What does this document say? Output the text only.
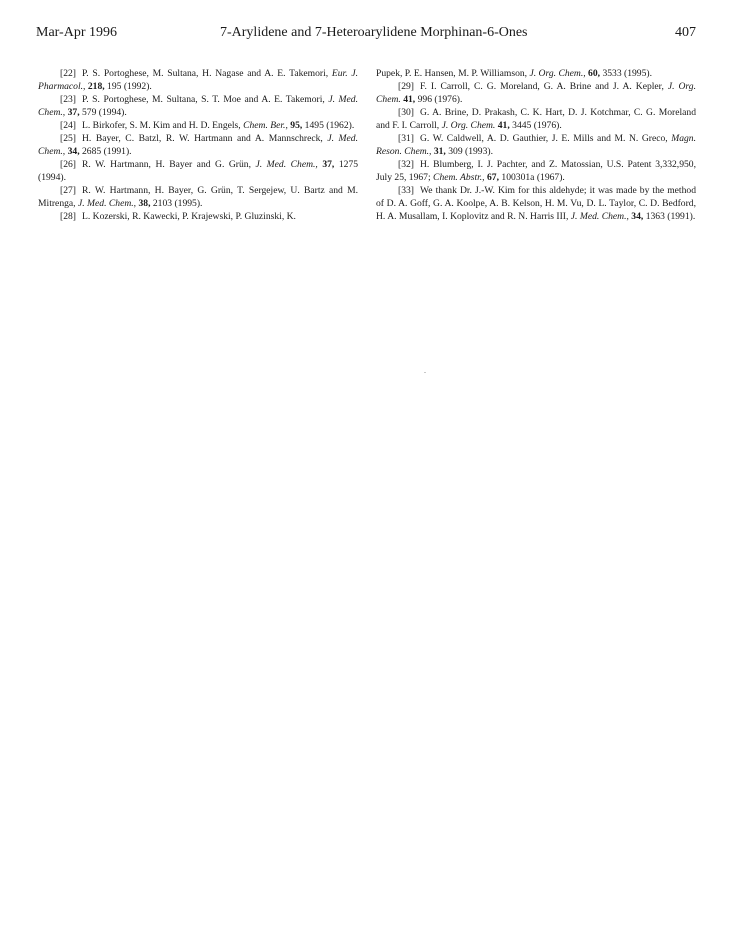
Mar-Apr 1996	7-Arylidene and 7-Heteroarylidene Morphinan-6-Ones	407

[22] P. S. Portoghese, M. Sultana, H. Nagase and A. E. Takemori, Eur. J. Pharmacol., 218, 195 (1992).

[23] P. S. Portoghese, M. Sultana, S. T. Moe and A. E. Takemori, J. Med. Chem., 37, 579 (1994).

[24] L. Birkofer, S. M. Kim and H. D. Engels, Chem. Ber., 95, 1495 (1962).

[25] H. Bayer, C. Batzl, R. W. Hartmann and A. Mannschreck, J. Med. Chem., 34, 2685 (1991).

[26] R. W. Hartmann, H. Bayer and G. Grün, J. Med. Chem., 37, 1275 (1994).

[27] R. W. Hartmann, H. Bayer, G. Grün, T. Sergejew, U. Bartz and M. Mitrenga, J. Med. Chem., 38, 2103 (1995).

[28] L. Kozerski, R. Kawecki, P. Krajewski, P. Gluzinski, K.

Pupek, P. E. Hansen, M. P. Williamson, J. Org. Chem., 60, 3533 (1995).

[29] F. I. Carroll, C. G. Moreland, G. A. Brine and J. A. Kepler, J. Org. Chem. 41, 996 (1976).

[30] G. A. Brine, D. Prakash, C. K. Hart, D. J. Kotchmar, C. G. Moreland and F. I. Carroll, J. Org. Chem. 41, 3445 (1976).

[31] G. W. Caldwell, A. D. Gauthier, J. E. Mills and M. N. Greco, Magn. Reson. Chem., 31, 309 (1993).

[32] H. Blumberg, I. J. Pachter, and Z. Matossian, U.S. Patent 3,332,950, July 25, 1967; Chem. Abstr., 67, 100301a (1967).

[33] We thank Dr. J.-W. Kim for this aldehyde; it was made by the method of D. A. Goff, G. A. Koolpe, A. B. Kelson, H. M. Vu, D. L. Taylor, C. D. Bedford, H. A. Musallam, I. Koplovitz and R. N. Harris III, J. Med. Chem., 34, 1363 (1991).
